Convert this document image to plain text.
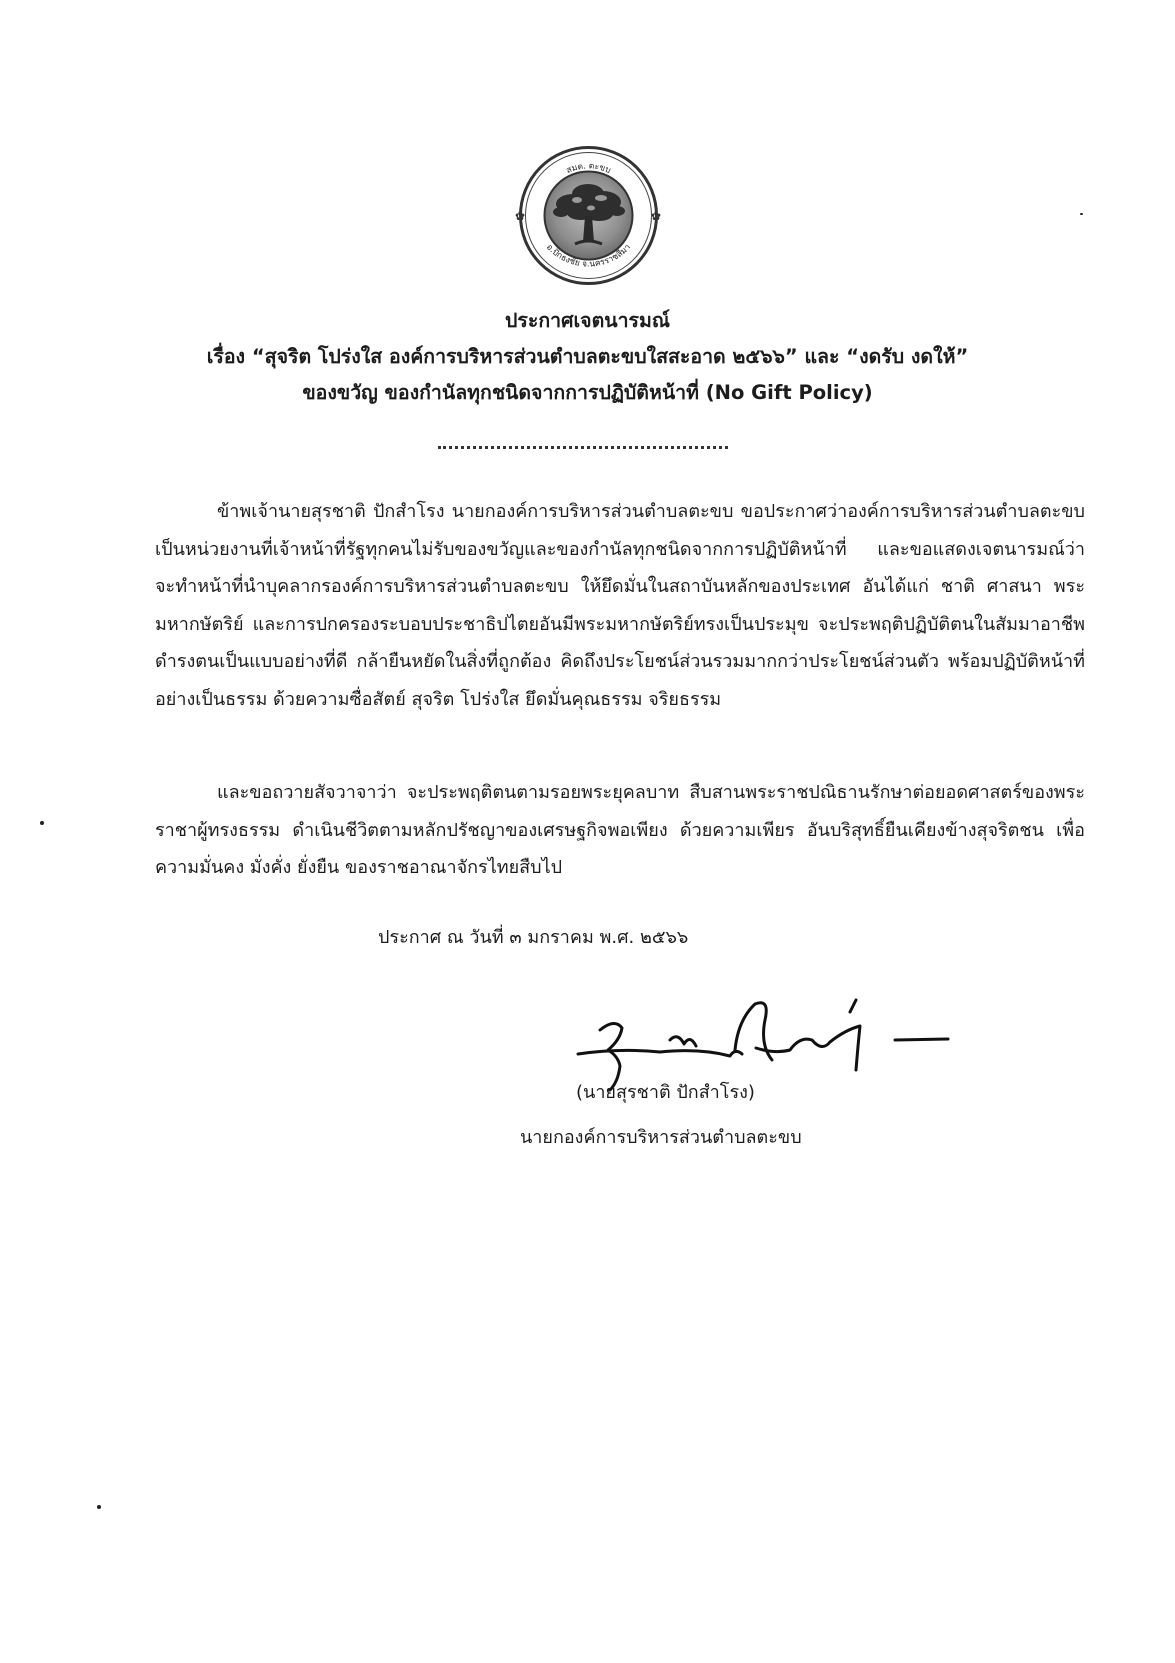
✿	✿
สมต. ตะขบ
อ.ปักธงชัย จ.นครราชสีมา
ประกาศเจตนารมณ์
เรื่อง “สุจริต โปร่งใส องค์การบริหารส่วนตำบลตะขบใสสะอาด ๒๕๖๖” และ “งดรับ งดให้”
ของขวัญ ของกำนัลทุกชนิดจากการปฏิบัติหน้าที่ (No Gift Policy)
ข้าพเจ้านายสุรชาติ ปักสำโรง นายกองค์การบริหารส่วนตำบลตะขบ ขอประกาศว่าองค์การบริหารส่วนตำบลตะขบ เป็นหน่วยงานที่เจ้าหน้าที่รัฐทุกคนไม่รับของขวัญและของกำนัลทุกชนิดจากการปฏิบัติหน้าที่ และขอแสดงเจตนารมณ์ว่า จะทำหน้าที่นำบุคลากรองค์การบริหารส่วนตำบลตะขบ ให้ยึดมั่นในสถาบันหลักของประเทศ อันได้แก่ ชาติ ศาสนา พระมหากษัตริย์ และการปกครองระบอบประชาธิปไตยอันมีพระมหากษัตริย์ทรงเป็นประมุข จะประพฤติปฏิบัติตนในสัมมาอาชีพ ดำรงตนเป็นแบบอย่างที่ดี กล้ายืนหยัดในสิ่งที่ถูกต้อง คิดถึงประโยชน์ส่วนรวมมากกว่าประโยชน์ส่วนตัว พร้อมปฏิบัติหน้าที่อย่างเป็นธรรม ด้วยความซื่อสัตย์ สุจริต โปร่งใส ยึดมั่นคุณธรรม จริยธรรม
และขอถวายสัจวาจาว่า จะประพฤติตนตามรอยพระยุคลบาท สืบสานพระราชปณิธานรักษาต่อยอดศาสตร์ของพระราชาผู้ทรงธรรม ดำเนินชีวิตตามหลักปรัชญาของเศรษฐกิจพอเพียง ด้วยความเพียร อันบริสุทธิ์ยืนเคียงข้างสุจริตชน เพื่อความมั่นคง มั่งคั่ง ยั่งยืน ของราชอาณาจักรไทยสืบไป
ประกาศ ณ วันที่ ๓ มกราคม พ.ศ. ๒๕๖๖
(นายสุรชาติ ปักสำโรง)
นายกองค์การบริหารส่วนตำบลตะขบ
